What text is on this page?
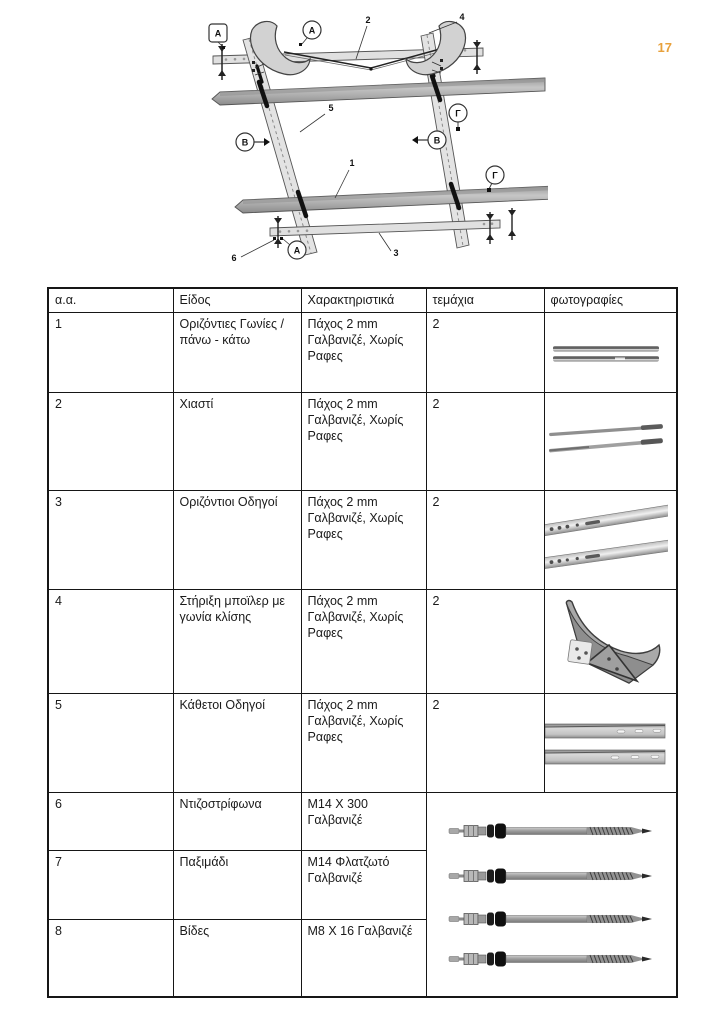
17
Α	Α
Β	Β
Γ
Γ
Α
2	4
5
1
3
6
α.α.	Είδος	Χαρακτηριστικά	τεμάχια	φωτογραφίες
1	Οριζόντιες Γωνίες / πάνω - κάτω	Πάχος 2 mm Γαλβανιζέ, Χωρίς Ραφες	2	

2	Χιαστί	Πάχος 2 mm Γαλβανιζέ, Χωρίς Ραφες	2	

3	Οριζόντιοι Οδηγοί	Πάχος 2 mm Γαλβανιζέ, Χωρίς Ραφες	2	

4	Στήριξη μποϊλερ με γωνία κλίσης	Πάχος 2 mm Γαλβανιζέ, Χωρίς Ραφες	2	

5	Κάθετοι Οδηγοί	Πάχος 2 mm Γαλβανιζέ, Χωρίς Ραφες	2	

6	Ντιζοστρίφωνα	M14 X 300 Γαλβανιζέ	

7	Παξιμάδι	M14 Φλατζωτό Γαλβανιζέ		
8	Βίδες	M8 X 16 Γαλβανιζέ		
